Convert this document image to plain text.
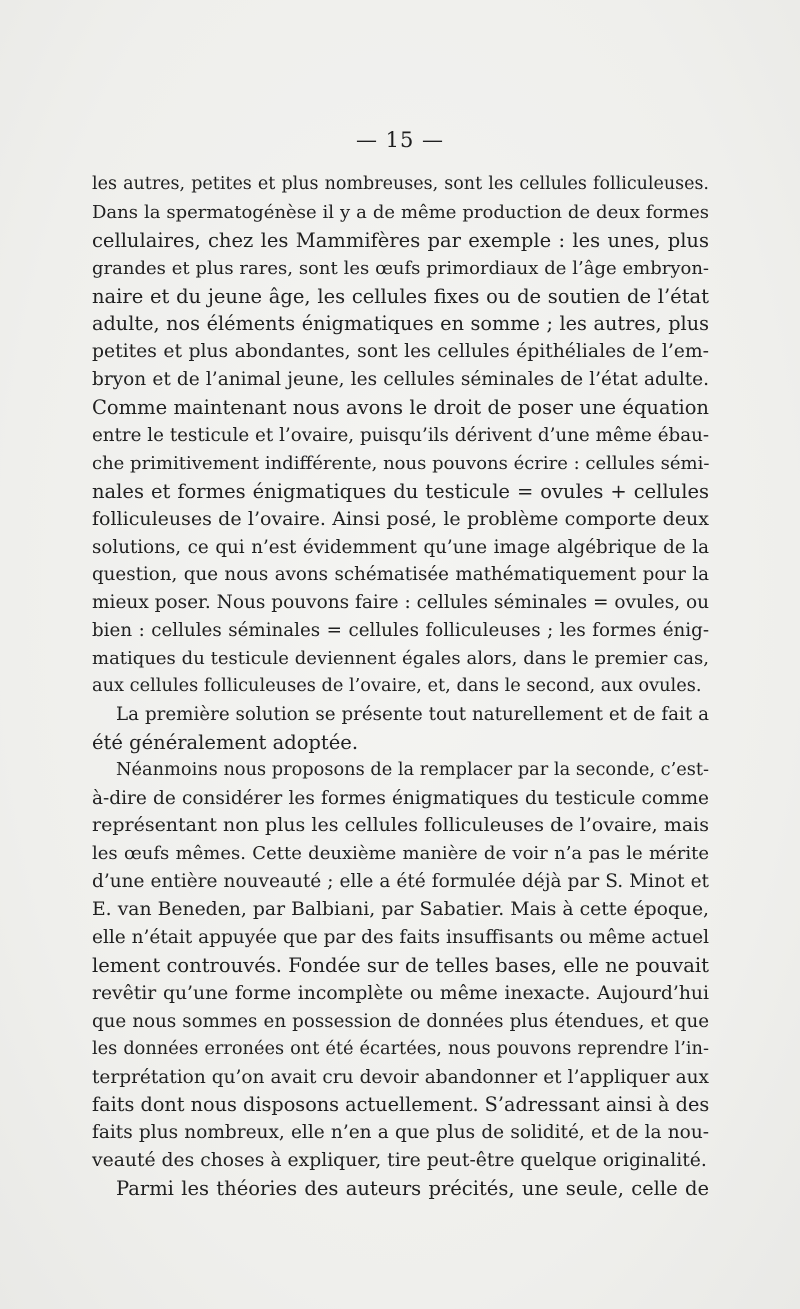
— 15 —
les autres, petites et plus nombreuses, sont les cellules folliculeuses.
Dans la spermatogénèse il y a de même production de deux formes
cellulaires, chez les Mammifères par exemple : les unes, plus
grandes et plus rares, sont les œufs primordiaux de l’âge embryon-
naire et du jeune âge, les cellules fixes ou de soutien de l’état
adulte, nos éléments énigmatiques en somme ; les autres, plus
petites et plus abondantes, sont les cellules épithéliales de l’em-
bryon et de l’animal jeune, les cellules séminales de l’état adulte.
Comme maintenant nous avons le droit de poser une équation
entre le testicule et l’ovaire, puisqu’ils dérivent d’une même ébau-
che primitivement indifférente, nous pouvons écrire : cellules sémi-
nales et formes énigmatiques du testicule = ovules + cellules
folliculeuses de l’ovaire. Ainsi posé, le problème comporte deux
solutions, ce qui n’est évidemment qu’une image algébrique de la
question, que nous avons schématisée mathématiquement pour la
mieux poser. Nous pouvons faire : cellules séminales = ovules, ou
bien : cellules séminales = cellules folliculeuses ; les formes énig-
matiques du testicule deviennent égales alors, dans le premier cas,
aux cellules folliculeuses de l’ovaire, et, dans le second, aux ovules.
La première solution se présente tout naturellement et de fait a
été généralement adoptée.
Néanmoins nous proposons de la remplacer par la seconde, c’est-
à-dire de considérer les formes énigmatiques du testicule comme
représentant non plus les cellules folliculeuses de l’ovaire, mais
les œufs mêmes. Cette deuxième manière de voir n’a pas le mérite
d’une entière nouveauté ; elle a été formulée déjà par S. Minot et
E. van Beneden, par Balbiani, par Sabatier. Mais à cette époque,
elle n’était appuyée que par des faits insuffisants ou même actuel
lement controuvés. Fondée sur de telles bases, elle ne pouvait
revêtir qu’une forme incomplète ou même inexacte. Aujourd’hui
que nous sommes en possession de données plus étendues, et que
les données erronées ont été écartées, nous pouvons reprendre l’in-
terprétation qu’on avait cru devoir abandonner et l’appliquer aux
faits dont nous disposons actuellement. S’adressant ainsi à des
faits plus nombreux, elle n’en a que plus de solidité, et de la nou-
veauté des choses à expliquer, tire peut-être quelque originalité.
Parmi les théories des auteurs précités, une seule, celle de
